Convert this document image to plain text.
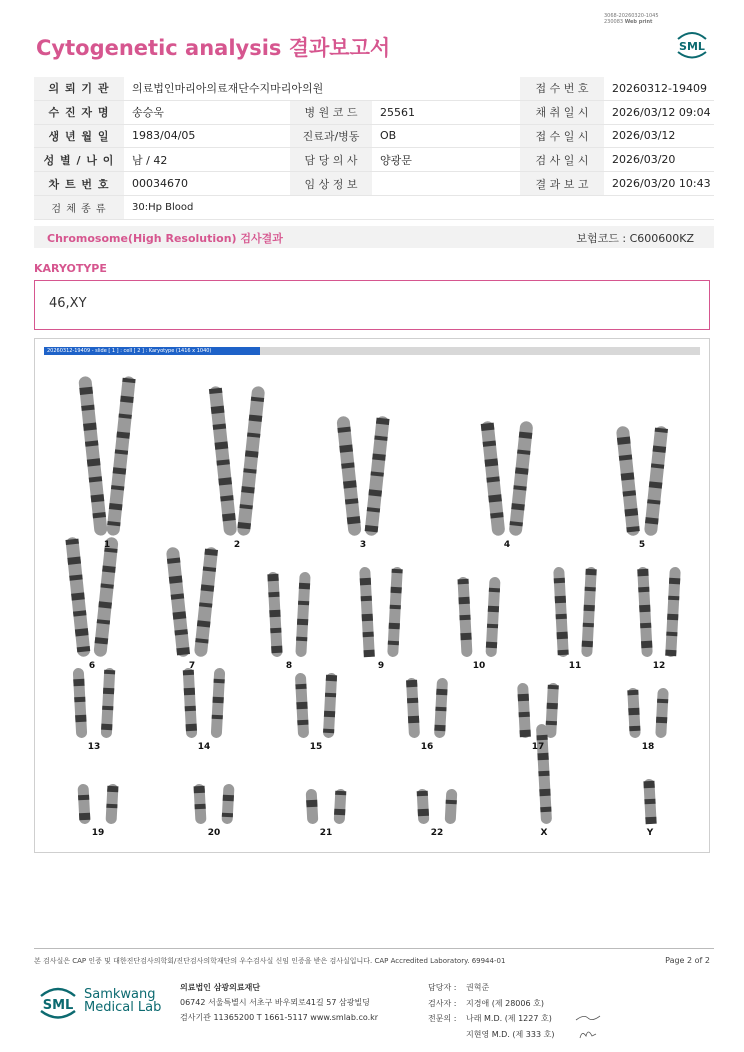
Cytogenetic analysis 결과보고서
3068-20260320-1045
230083 Web print
SML
의 뢰 기 관	의료법인마리아의료재단수지마리아의원			접 수 번 호	20260312-19409
수 진 자 명	송승욱	병 원 코 드	25561	채 취 일 시	2026/03/12 09:04
생 년 월 일	1983/04/05	진료과/병동	OB	접 수 일 시	2026/03/12
성 별 / 나 이	남 / 42	담 당 의 사	양광문	검 사 일 시	2026/03/20
차 트 번 호	00034670	임 상 정 보		결 과 보 고	2026/03/20 10:43
검 체 종 류	30:Hp Blood				
Chromosome(High Resolution) 검사결과	보험코드 : C600600KZ
KARYOTYPE
46,XY
20260312-19409 - slide [ 1 ] : cell [ 2 ] : Karyotype (1416 x 1040)
1	2	3	4	5
6	7	8	9	10	11	12
13	14	15	16	17	18
19	20	21	22	X	Y
본 검사실은 CAP 인증 및 대한진단검사의학회/진단검사의학재단의 우수검사실 신임 인증을 받은 검사실입니다. CAP Accredited Laboratory. 69944-01	Page 2 of 2
SML
Samkwang
Medical Lab
의료법인 삼광의료재단
06742 서울특별시 서초구 바우뫼로41길 57 삼광빌딩
검사기관 11365200 T 1661-5117 www.smlab.co.kr
담당자 : 권혁준
검사자 : 지경애 (제 28006 호)
전문의 : 나래 M.D. (제 1227 호)
지현영 M.D. (제 333 호)
